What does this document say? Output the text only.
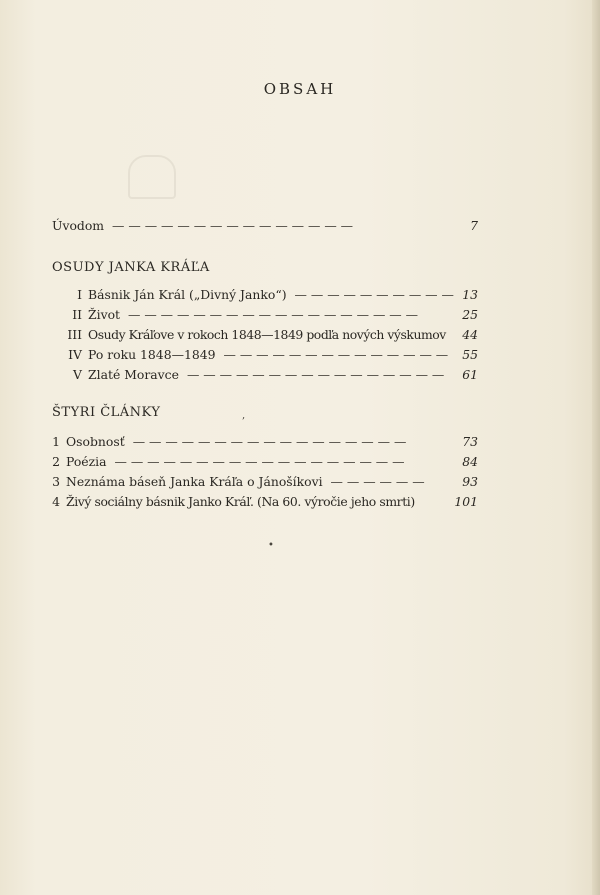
OBSAH
Úvodom — — — — — — — — — — — — — — —	7
OSUDY JANKA KRÁĽA
I Básnik Ján Král („Divný Janko“) — — — — — — — — — — 13
II Život — — — — — — — — — — — — — — — — — —	25
III Osudy Kráľove v rokoch 1848—1849 podľa nových výskumov 44
IV Po roku 1848—1849 — — — — — — — — — — — — — —	55
V Zlaté Moravce — — — — — — — — — — — — — — — —	61
ŠTYRI ČLÁNKY	,
1 Osobnosť — — — — — — — — — — — — — — — — —	73
2 Poézia — — — — — — — — — — — — — — — — — —	84
3 Neznáma báseň Janka Kráľa o Jánošíkovi — — — — — —	93
4 Živý sociálny básnik Janko Kráľ. (Na 60. výročie jeho smrti)	101
•
